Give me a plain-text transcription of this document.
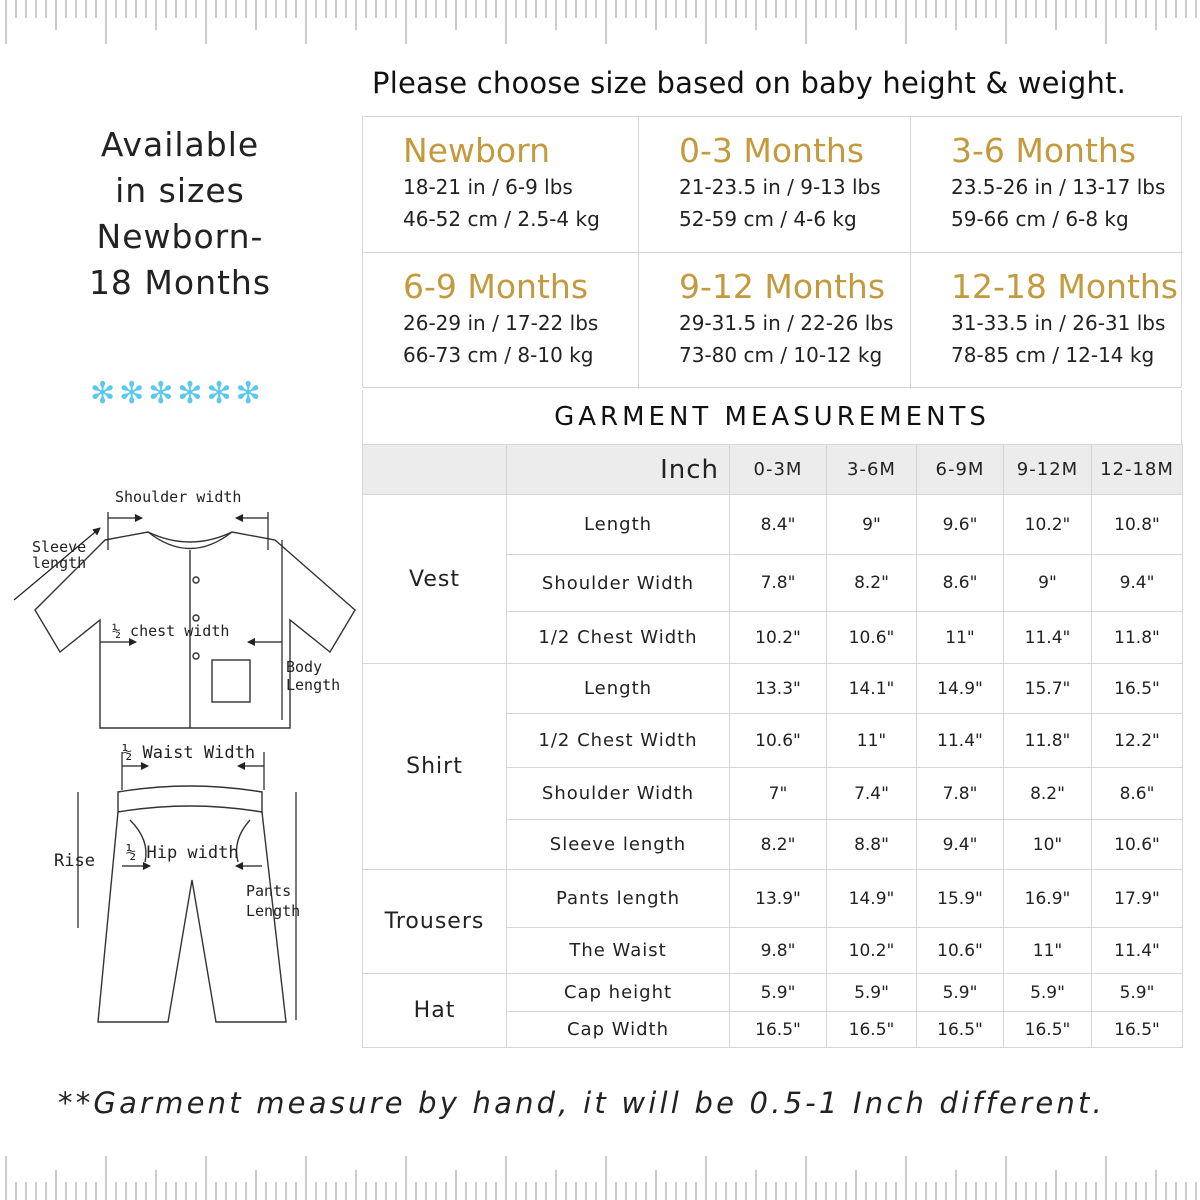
Please choose size based on baby height & weight.
Available
in sizes
Newborn-
18 Months
✻✻✻✻✻✻
Newborn
18-21 in / 6-9 lbs
46-52 cm / 2.5-4 kg
0-3 Months
21-23.5 in / 9-13 lbs
52-59 cm / 4-6 kg
3-6 Months
23.5-26 in / 13-17 lbs
59-66 cm / 6-8 kg
6-9 Months
26-29 in / 17-22 lbs
66-73 cm / 8-10 kg
9-12 Months
29-31.5 in / 22-26 lbs
73-80 cm / 10-12 kg
12-18 Months
31-33.5 in / 26-31 lbs
78-85 cm / 12-14 kg
GARMENT MEASUREMENTS
	Inch	0-3M	3-6M	6-9M	9-12M	12-18M
Vest	Length	8.4"	9"	9.6"	10.2"	10.8"
	Shoulder Width	7.8"	8.2"	8.6"	9"	9.4"
	1/2 Chest Width	10.2"	10.6"	11"	11.4"	11.8"
Shirt	Length	13.3"	14.1"	14.9"	15.7"	16.5"
	1/2 Chest Width	10.6"	11"	11.4"	11.8"	12.2"
	Shoulder Width	7"	7.4"	7.8"	8.2"	8.6"
	Sleeve length	8.2"	8.8"	9.4"	10"	10.6"
Trousers	Pants length	13.9"	14.9"	15.9"	16.9"	17.9"
	The Waist	9.8"	10.2"	10.6"	11"	11.4"
Hat	Cap height	5.9"	5.9"	5.9"	5.9"	5.9"
	Cap Width	16.5"	16.5"	16.5"	16.5"	16.5"
Shoulder width
Sleeve
length
½ chest width
Body
Length
½ Waist Width
Rise ½ Hip width
Pants
Length
**Garment measure by hand, it will be 0.5-1 Inch different.
